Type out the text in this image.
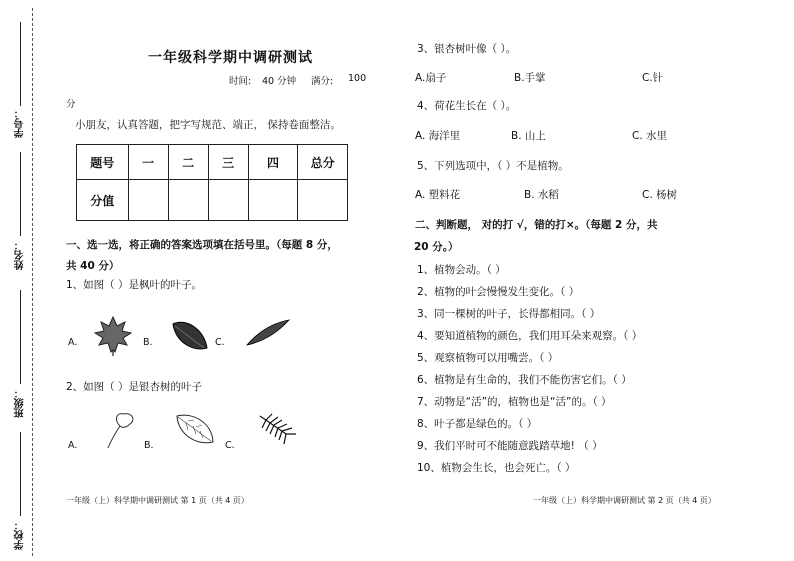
学号：
姓名：
班级：
学校：
一年级科学期中调研测试
时间: 40 分钟 满分: 100
分
小朋友，认真答题，把字写规范、端正， 保持卷面整洁。
题号	一	二	三	四	总分
分值					
一、选一选，将正确的答案选项填在括号里。（每题 8 分，
共 40 分）
1、如图（ ）是枫叶的叶子。
A.	B.	C.
2、如图（ ）是银杏树的叶子
A.	B.	C.
一年级（上）科学期中调研测试 第 1 页（共 4 页）
3、银杏树叶像（ ）。
A.扇子	B.手掌	C.针
4、荷花生长在（ ）。
A. 海洋里	B. 山上	C. 水里
5、下列选项中，（ ）不是植物。
A. 塑料花	B. 水稻	C. 杨树
二、判断题， 对的打 √，错的打×。（每题 2 分，共
20 分。）
1、植物会动。（ ）
2、植物的叶会慢慢发生变化。（ ）
3、同一棵树的叶子，长得都相同。（ ）
4、要知道植物的颜色，我们用耳朵来观察。（ ）
5、观察植物可以用嘴尝。（ ）
6、植物是有生命的，我们不能伤害它们。（ ）
7、动物是“活”的，植物也是“活”的。（ ）
8、叶子都是绿色的。（ ）
9、我们平时可不能随意践踏草地! （ ）
10、植物会生长，也会死亡。（ ）
一年级（上）科学期中调研测试 第 2 页（共 4 页）
